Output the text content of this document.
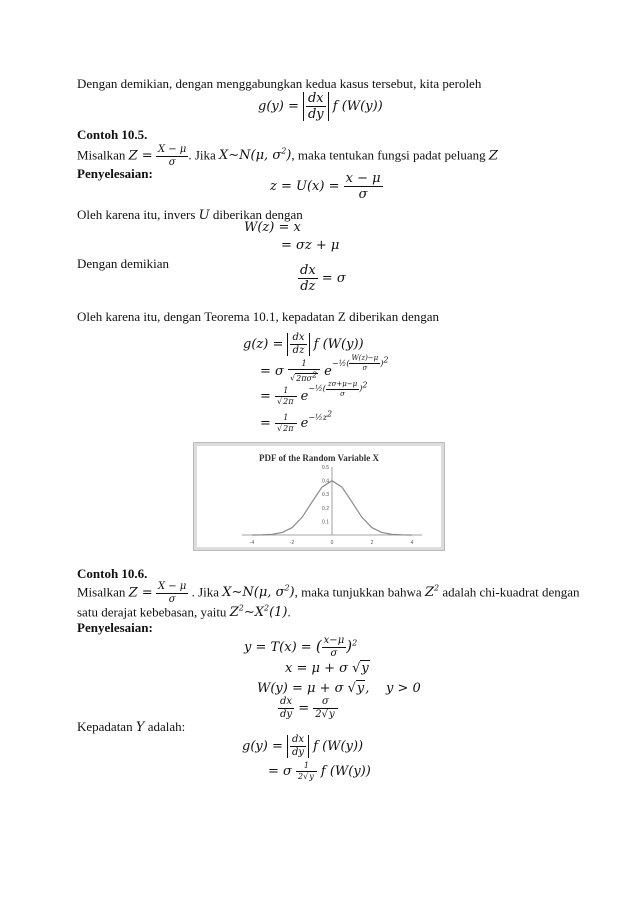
Dengan demikian, dengan menggabungkan kedua kasus tersebut, kita peroleh
$g(y) = \frac{dx}{dy}$ f (W(y))
Contoh 10.5.
Misalkan $Z = \frac{X - \mu}{\sigma}$ . Jika X∼N(μ, $\sigma^2$), maka tentukan fungsi padat peluang Z
Penyelesaian:
$z = U(x) = \frac{x - \mu}{\sigma}$
Oleh karena itu, invers U diberikan dengan
W(z) = x
= σz + μ
Dengan demikian
$\frac{dx}{dz} = \sigma$
Oleh karena itu, dengan Teorema 10.1, kepadatan Z diberikan dengan
$g(z) = \frac{dx}{dz}$ f (W(y))
= σ $\frac{1}{√2\pi\sigma^2} e^{-\frac{1}{2}( \frac{W(z)-\mu}{\sigma} )^2}$
= $\frac{1}{√2\pi} e^{-\frac{1}{2}( \frac{z\sigma+\mu-\mu}{\sigma} )^2}$
= $\frac{1}{√2\pi} e^{-\frac{1}{2}z^2}$
PDF of the Random Variable X
-4	-2	0	2	4
0.1
0.2
0.3
0.4
0.5
Contoh 10.6.
Misalkan $Z = \frac{X - \mu}{\sigma}$ . Jika X∼N(μ, $\sigma^2$), maka tunjukkan bahwa $Z^2$ adalah chi-kuadrat dengan
satu derajat kebebasan, yaitu $Z^2\sim X^2(1)$.
Penyelesaian:
y = T(x) = ( $\frac{x-\mu}{\sigma} )^2$
x = μ + σ √y
W(y) = μ + σ √y, y > 0
$\frac{dx}{dy} = \frac{\sigma}{2√y}$
Kepadatan Y adalah:
$g(y) = \frac{dx}{dy}$ f (W(y))
= σ $\frac{1}{2√y}$ f (W(y))
